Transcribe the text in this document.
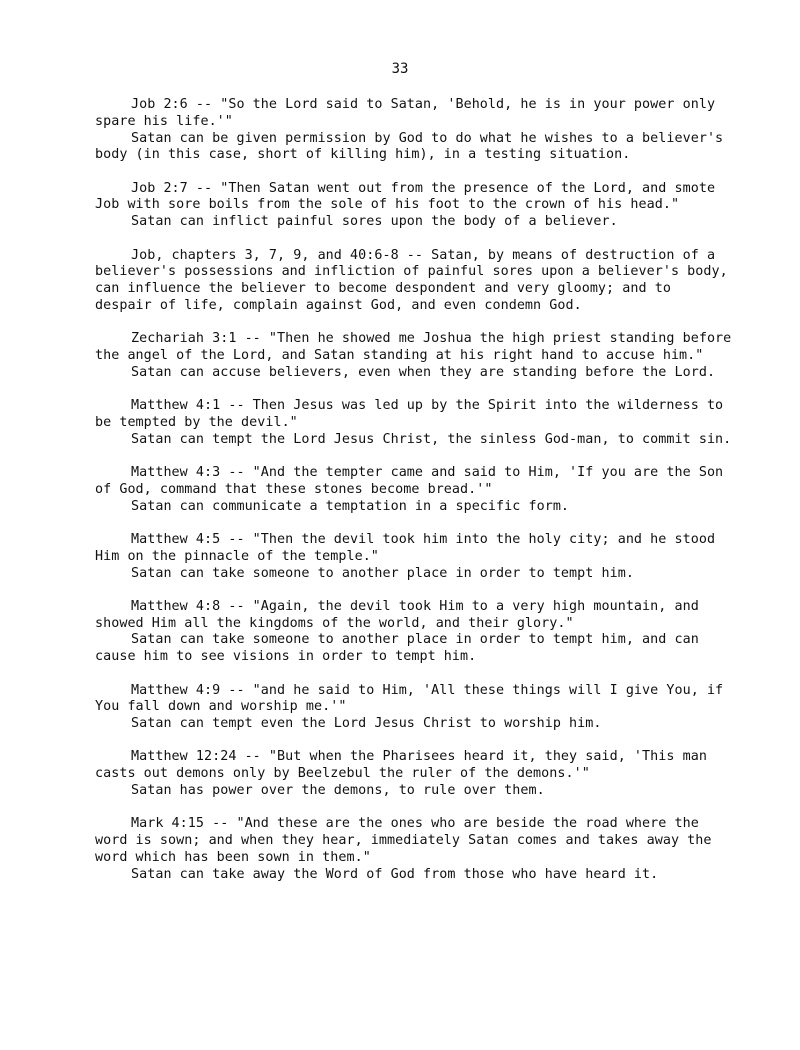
33

Job 2:6 -- "So the Lord said to Satan, 'Behold, he is in your power only spare his life.'"

Satan can be given permission by God to do what he wishes to a believer's body (in this case, short of killing him), in a testing situation.

Job 2:7 -- "Then Satan went out from the presence of the Lord, and smote Job with sore boils from the sole of his foot to the crown of his head."

Satan can inflict painful sores upon the body of a believer.

Job, chapters 3, 7, 9, and 40:6-8 -- Satan, by means of destruction of a believer's possessions and infliction of painful sores upon a believer's body, can influence the believer to become despondent and very gloomy; and to despair of life, complain against God, and even condemn God.

Zechariah 3:1 -- "Then he showed me Joshua the high priest standing before the angel of the Lord, and Satan standing at his right hand to accuse him."

Satan can accuse believers, even when they are standing before the Lord.

Matthew 4:1 -- Then Jesus was led up by the Spirit into the wilderness to be tempted by the devil."

Satan can tempt the Lord Jesus Christ, the sinless God-man, to commit sin.

Matthew 4:3 -- "And the tempter came and said to Him, 'If you are the Son of God, command that these stones become bread.'"

Satan can communicate a temptation in a specific form.

Matthew 4:5 -- "Then the devil took him into the holy city; and he stood Him on the pinnacle of the temple."

Satan can take someone to another place in order to tempt him.

Matthew 4:8 -- "Again, the devil took Him to a very high mountain, and showed Him all the kingdoms of the world, and their glory."

Satan can take someone to another place in order to tempt him, and can cause him to see visions in order to tempt him.

Matthew 4:9 -- "and he said to Him, 'All these things will I give You, if You fall down and worship me.'"

Satan can tempt even the Lord Jesus Christ to worship him.

Matthew 12:24 -- "But when the Pharisees heard it, they said, 'This man casts out demons only by Beelzebul the ruler of the demons.'"

Satan has power over the demons, to rule over them.

Mark 4:15 -- "And these are the ones who are beside the road where the word is sown; and when they hear, immediately Satan comes and takes away the word which has been sown in them."

Satan can take away the Word of God from those who have heard it.
